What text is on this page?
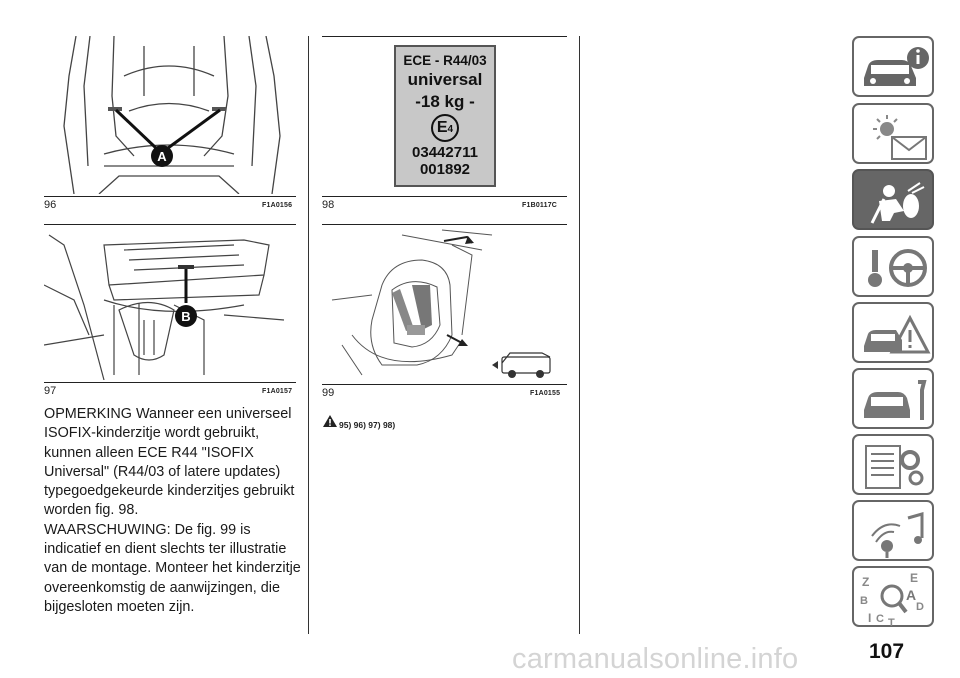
A
96	F1A0156
B
97	F1A0157

OPMERKING Wanneer een universeel ISOFIX-kinderzitje wordt gebruikt, kunnen alleen ECE R44 "ISOFIX Universal" (R44/03 of latere updates) typegoedgekeurde kinderzitjes gebruikt worden fig. 98.

WAARSCHUWING: De fig. 99 is indicatief en dient slechts ter illustratie van de montage. Monteer het kinderzitje overeenkomstig de aanwijzingen, die bijgesloten moeten zijn.

ECE - R44/03
universal
-18 kg -
E4
03442711
001892
98	F1B0117C
99	F1A0155
95) 96) 97) 98)
Z	E
B	D
I C T
A
107
carmanualsonline.info
